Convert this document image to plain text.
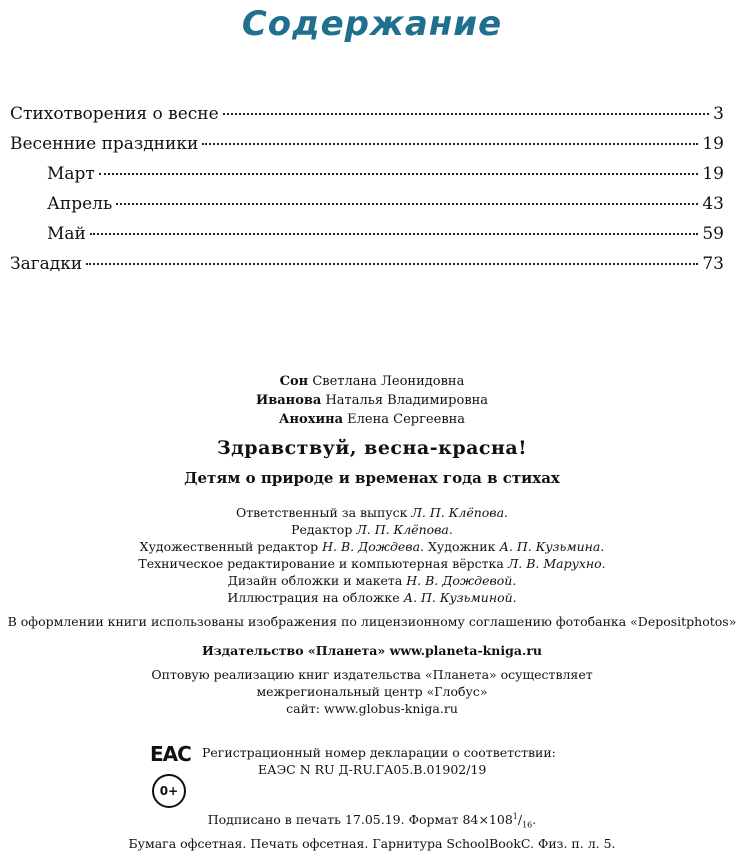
Содержание
Стихотворения о весне	3
Весенние праздники	19
Март	19
Апрель	43
Май	59
Загадки	73
Сон Светлана Леонидовна
Иванова Наталья Владимировна
Анохина Елена Сергеевна
Здравствуй, весна-красна!
Детям о природе и временах года в стихах
Ответственный за выпуск Л. П. Клёпова.
Редактор Л. П. Клёпова.
Художественный редактор Н. В. Дождева. Художник А. П. Кузьмина.
Техническое редактирование и компьютерная вёрстка Л. В. Марухно.
Дизайн обложки и макета Н. В. Дождевой.
Иллюстрация на обложке А. П. Кузьминой.
В оформлении книги использованы изображения по лицензионному соглашению фотобанка «Depositphotos»
Издательство «Планета» www.planeta-kniga.ru
Оптовую реализацию книг издательства «Планета» осуществляет
межрегиональный центр «Глобус»
сайт: www.globus-kniga.ru
ЕАС
0+
Регистрационный номер декларации о соответствии:
ЕАЭС N RU Д-RU.ГА05.В.01902/19
Подписано в печать 17.05.19. Формат $84\times 108^1/_{16}$.
Бумага офсетная. Печать офсетная. Гарнитура SchoolBookC. Физ. п. л. 5.
